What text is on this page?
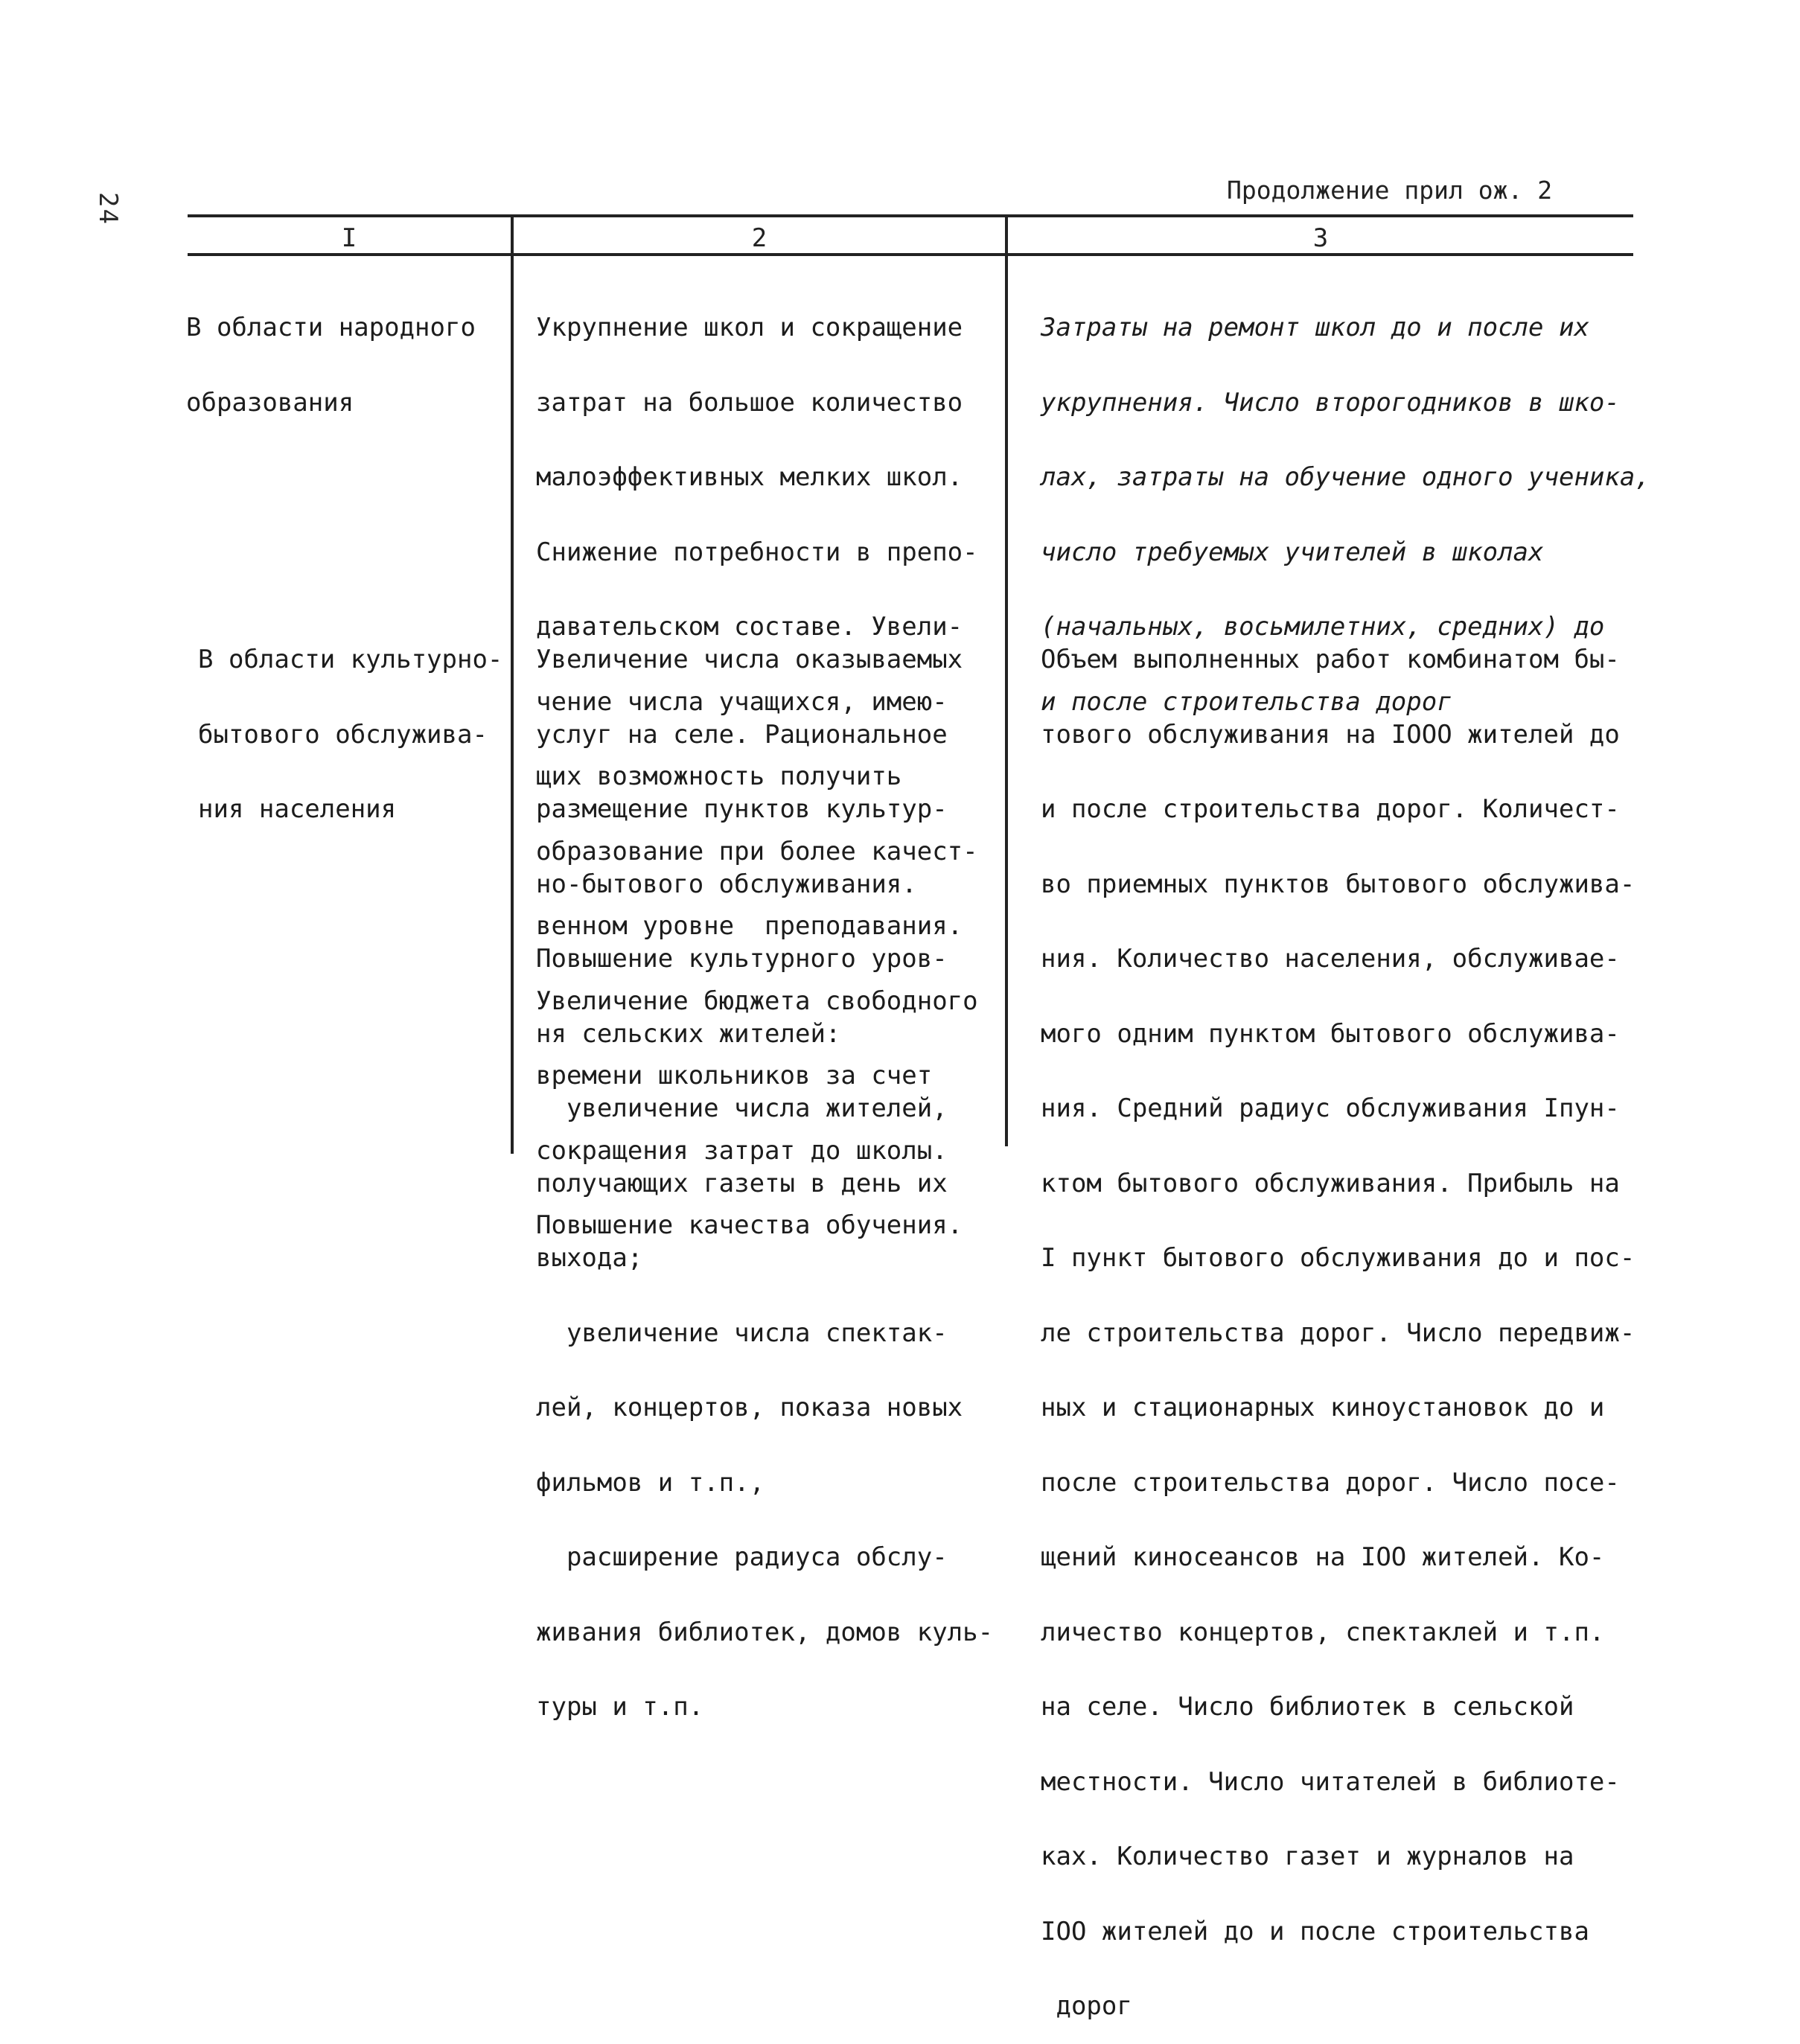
24
Продолжение прил ож. 2
I	2	3

В области народного

образования

Укрупнение школ и сокращение

затрат на большое количество

малоэффективных мелких школ.

Снижение потребности в препо-

давательском составе. Увели-

чение числа учащихся, имею-

щих возможность получить

образование при более качест-

венном уровне  преподавания.

Увеличение бюджета свободного

времени школьников за счет

сокращения затрат до школы.

Повышение качества обучения.

Затраты на ремонт школ до и после их

укрупнения. Число второгодников в шко-

лах, затраты на обучение одного ученика,

число требуемых учителей в школах

(начальных, восьмилетних, средних) до

и после строительства дорог

В области культурно-

бытового обслужива-

ния населения

Увеличение числа оказываемых

услуг на селе. Рациональное

размещение пунктов культур-

но-бытового обслуживания.

Повышение культурного уров-

ня сельских жителей:

увеличение числа жителей,

получающих газеты в день их

выхода;

увеличение числа спектак-

лей, концертов, показа новых

фильмов и т.п.,

расширение радиуса обслу-

живания библиотек, домов куль-

туры и т.п.

Объем выполненных работ комбинатом бы-

тового обслуживания на IOOO жителей до

и после строительства дорог. Количест-

во приемных пунктов бытового обслужива-

ния. Количество населения, обслуживае-

мого одним пунктом бытового обслужива-

ния. Средний радиус обслуживания Iпун-

ктом бытового обслуживания. Прибыль на

I пункт бытового обслуживания до и пос-

ле строительства дорог. Число передвиж-

ных и стационарных киноустановок до и

после строительства дорог. Число посе-

щений киносеансов на IOO жителей. Ко-

личество концертов, спектаклей и т.п.

на селе. Число библиотек в сельской

местности. Число читателей в библиоте-

ках. Количество газет и журналов на

IOO жителей до и после строительства

дорог
